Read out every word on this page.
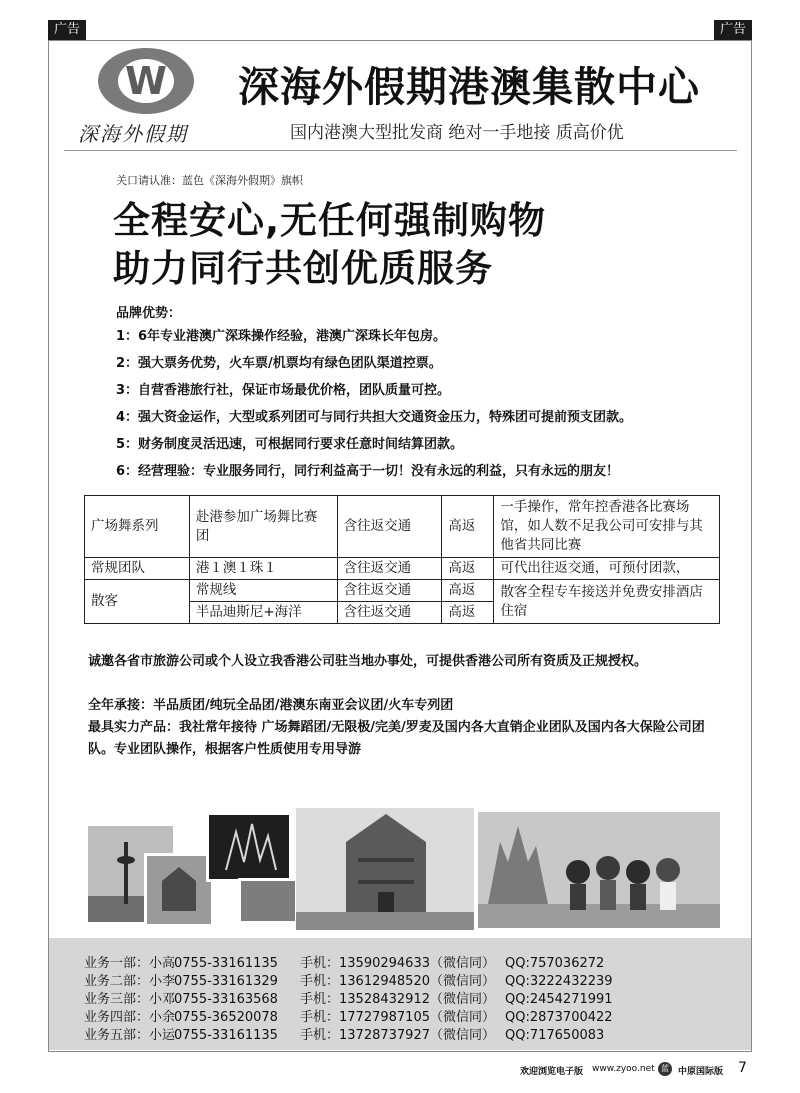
广告	广告
W
深海外假期
深海外假期港澳集散中心
国内港澳大型批发商 绝对一手地接 质高价优
关口请认准：蓝色《深海外假期》旗帜
全程安心,无任何强制购物
助力同行共创优质服务
品牌优势：
1：6年专业港澳广深珠操作经验，港澳广深珠长年包房。
2：强大票务优势，火车票/机票均有绿色团队渠道控票。
3：自营香港旅行社，保证市场最优价格，团队质量可控。
4：强大资金运作，大型或系列团可与同行共担大交通资金压力，特殊团可提前预支团款。
5：财务制度灵活迅速，可根据同行要求任意时间结算团款。
6：经营理验：专业服务同行，同行利益高于一切！没有永远的利益，只有永远的朋友！
广场舞系列	赴港参加广场舞比赛团	含往返交通	高返	一手操作，常年控香港各比赛场馆，如人数不足我公司可安排与其他省共同比赛
常规团队	港１澳１珠１	含往返交通	高返	可代出往返交通，可预付团款，
散客	常规线	含往返交通	高返	散客全程专车接送并免费安排酒店住宿
	半品迪斯尼+海洋	含往返交通	高返	
诚邀各省市旅游公司或个人设立我香港公司驻当地办事处，可提供香港公司所有资质及正规授权。
全年承接：半品质团/纯玩全品团/港澳东南亚会议团/火车专列团
最具实力产品：我社常年接待 广场舞蹈团/无限极/完美/罗麦及国内各大直销企业团队及国内各大保险公司团队。专业团队操作，根据客户性质使用专用导游
业务一部：小高0755-33161135 手机：13590294633（微信同） QQ:757036272
业务二部：小李0755-33161329 手机：13612948520（微信同） QQ:3222432239
业务三部：小邓0755-33163568 手机：13528432912（微信同） QQ:2454271991
业务四部：小余0755-36520078 手机：17727987105（微信同） QQ:2873700422
业务五部：小运0755-33161135 手机：13728737927（微信同） QQ:717650083
欢迎浏览电子版 www.zyoo.net 蓝	中原国际版 7
